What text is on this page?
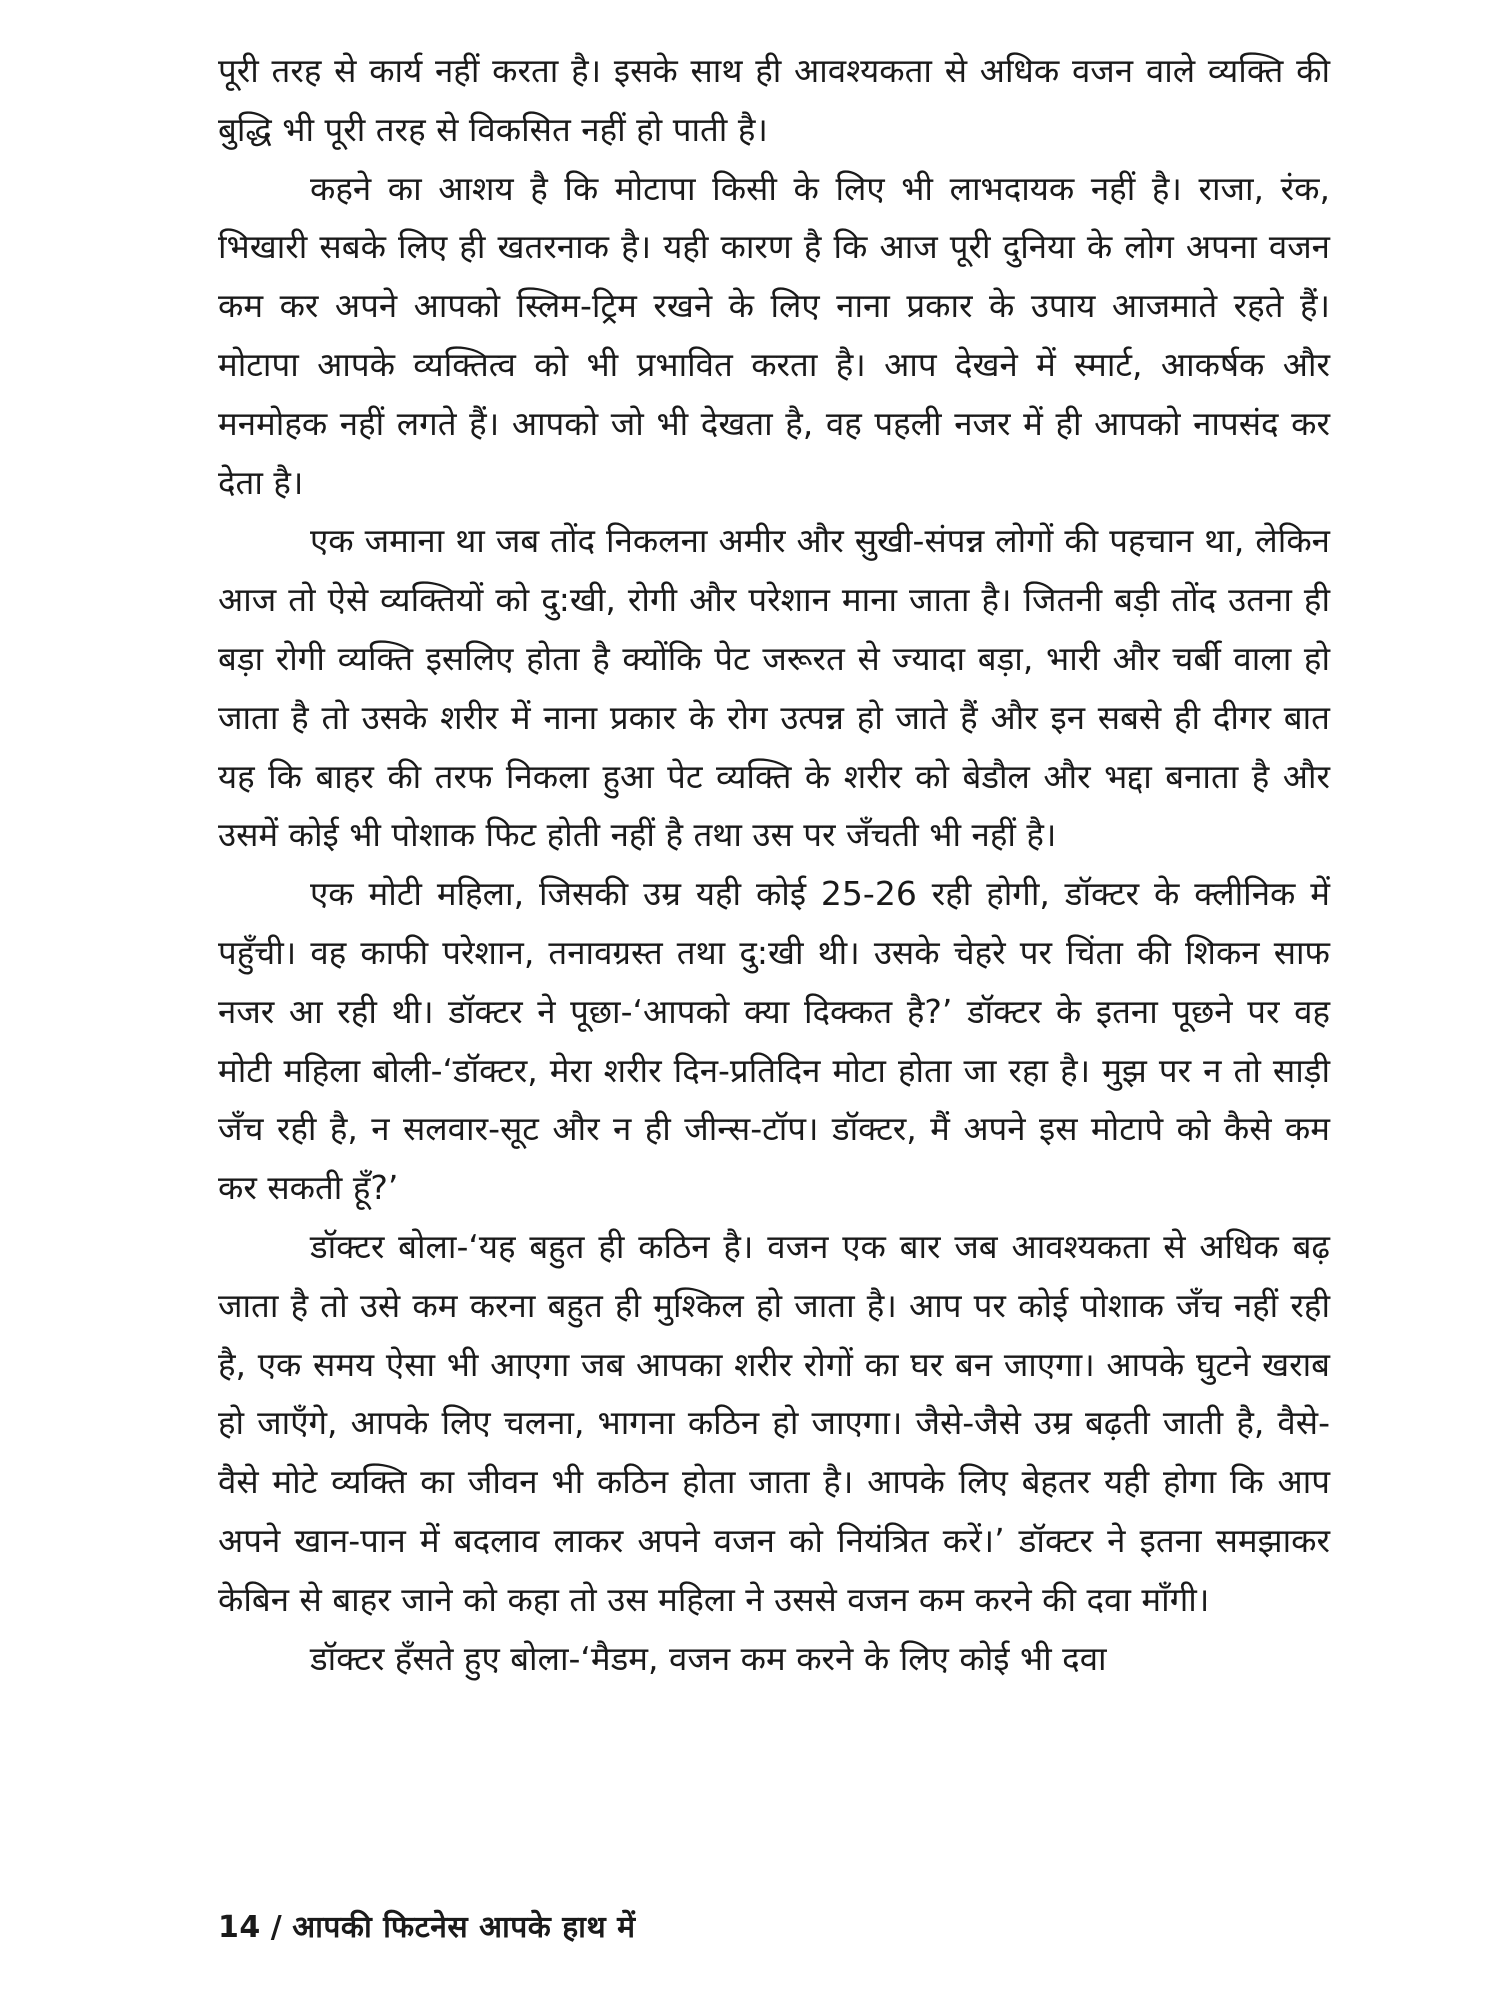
पूरी तरह से कार्य नहीं करता है। इसके साथ ही आवश्यकता से अधिक वजन वाले व्यक्ति की बुद्धि भी पूरी तरह से विकसित नहीं हो पाती है।

कहने का आशय है कि मोटापा किसी के लिए भी लाभदायक नहीं है। राजा, रंक, भिखारी सबके लिए ही खतरनाक है। यही कारण है कि आज पूरी दुनिया के लोग अपना वजन कम कर अपने आपको स्लिम-ट्रिम रखने के लिए नाना प्रकार के उपाय आजमाते रहते हैं। मोटापा आपके व्यक्तित्व को भी प्रभावित करता है। आप देखने में स्मार्ट, आकर्षक और मनमोहक नहीं लगते हैं। आपको जो भी देखता है, वह पहली नजर में ही आपको नापसंद कर देता है।

एक जमाना था जब तोंद निकलना अमीर और सुखी-संपन्न लोगों की पहचान था, लेकिन आज तो ऐसे व्यक्तियों को दु:खी, रोगी और परेशान माना जाता है। जितनी बड़ी तोंद उतना ही बड़ा रोगी व्यक्ति इसलिए होता है क्योंकि पेट जरूरत से ज्यादा बड़ा, भारी और चर्बी वाला हो जाता है तो उसके शरीर में नाना प्रकार के रोग उत्पन्न हो जाते हैं और इन सबसे ही दीगर बात यह कि बाहर की तरफ निकला हुआ पेट व्यक्ति के शरीर को बेडौल और भद्दा बनाता है और उसमें कोई भी पोशाक फिट होती नहीं है तथा उस पर जँचती भी नहीं है।

एक मोटी महिला, जिसकी उम्र यही कोई 25-26 रही होगी, डॉक्टर के क्लीनिक में पहुँची। वह काफी परेशान, तनावग्रस्त तथा दु:खी थी। उसके चेहरे पर चिंता की शिकन साफ नजर आ रही थी। डॉक्टर ने पूछा-‘आपको क्या दिक्कत है?’ डॉक्टर के इतना पूछने पर वह मोटी महिला बोली-‘डॉक्टर, मेरा शरीर दिन-प्रतिदिन मोटा होता जा रहा है। मुझ पर न तो साड़ी जँच रही है, न सलवार-सूट और न ही जीन्स-टॉप। डॉक्टर, मैं अपने इस मोटापे को कैसे कम कर सकती हूँ?’

डॉक्टर बोला-‘यह बहुत ही कठिन है। वजन एक बार जब आवश्यकता से अधिक बढ़ जाता है तो उसे कम करना बहुत ही मुश्किल हो जाता है। आप पर कोई पोशाक जँच नहीं रही है, एक समय ऐसा भी आएगा जब आपका शरीर रोगों का घर बन जाएगा। आपके घुटने खराब हो जाएँगे, आपके लिए चलना, भागना कठिन हो जाएगा। जैसे-जैसे उम्र बढ़ती जाती है, वैसे-वैसे मोटे व्यक्ति का जीवन भी कठिन होता जाता है। आपके लिए बेहतर यही होगा कि आप अपने खान-पान में बदलाव लाकर अपने वजन को नियंत्रित करें।’ डॉक्टर ने इतना समझाकर केबिन से बाहर जाने को कहा तो उस महिला ने उससे वजन कम करने की दवा माँगी।

डॉक्टर हँसते हुए बोला-‘मैडम, वजन कम करने के लिए कोई भी दवा

14 / आपकी फिटनेस आपके हाथ में
